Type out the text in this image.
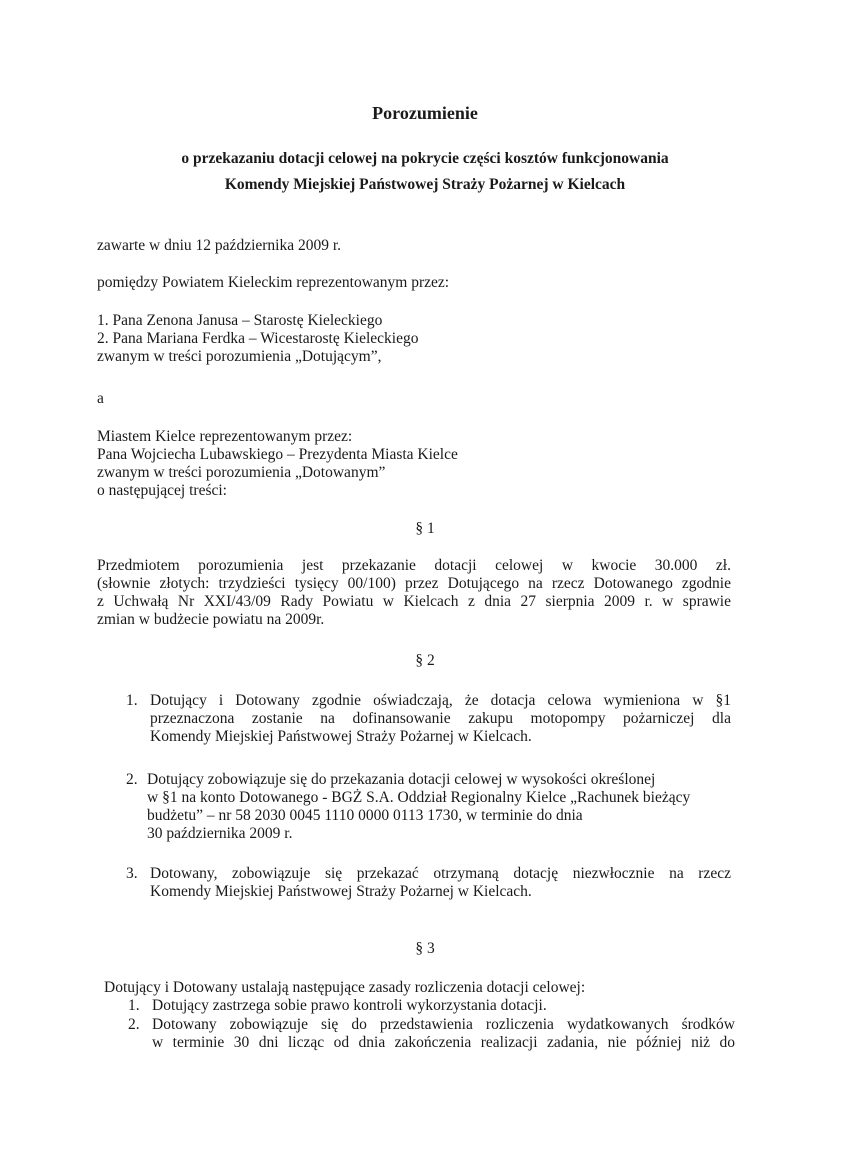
Porozumienie
o przekazaniu dotacji celowej na pokrycie części kosztów funkcjonowania
Komendy Miejskiej Państwowej Straży Pożarnej w Kielcach
zawarte w dniu 12 października 2009 r.
pomiędzy Powiatem Kieleckim reprezentowanym przez:
1. Pana Zenona Janusa – Starostę Kieleckiego
2. Pana Mariana Ferdka – Wicestarostę Kieleckiego
zwanym w treści porozumienia „Dotującym”,
a
Miastem Kielce reprezentowanym przez:
Pana Wojciecha Lubawskiego – Prezydenta Miasta Kielce
zwanym w treści porozumienia „Dotowanym”
o następującej treści:
§ 1
Przedmiotem porozumienia jest przekazanie dotacji celowej w kwocie 30.000 zł.
(słownie złotych: trzydzieści tysięcy 00/100) przez Dotującego na rzecz Dotowanego zgodnie
z Uchwałą Nr XXI/43/09 Rady Powiatu w Kielcach z dnia 27 sierpnia 2009 r. w sprawie
zmian w budżecie powiatu na 2009r.
§ 2
1. Dotujący i Dotowany zgodnie oświadczają, że dotacja celowa wymieniona w §1
przeznaczona zostanie na dofinansowanie zakupu motopompy pożarniczej dla
Komendy Miejskiej Państwowej Straży Pożarnej w Kielcach.
2. Dotujący zobowiązuje się do przekazania dotacji celowej w wysokości określonej
w §1 na konto Dotowanego - BGŻ S.A. Oddział Regionalny Kielce „Rachunek bieżący
budżetu” – nr 58 2030 0045 1110 0000 0113 1730, w terminie do dnia
30 października 2009 r.
3. Dotowany, zobowiązuje się przekazać otrzymaną dotację niezwłocznie na rzecz
Komendy Miejskiej Państwowej Straży Pożarnej w Kielcach.
§ 3
Dotujący i Dotowany ustalają następujące zasady rozliczenia dotacji celowej:
1. Dotujący zastrzega sobie prawo kontroli wykorzystania dotacji.
2. Dotowany zobowiązuje się do przedstawienia rozliczenia wydatkowanych środków
w terminie 30 dni licząc od dnia zakończenia realizacji zadania, nie później niż do
